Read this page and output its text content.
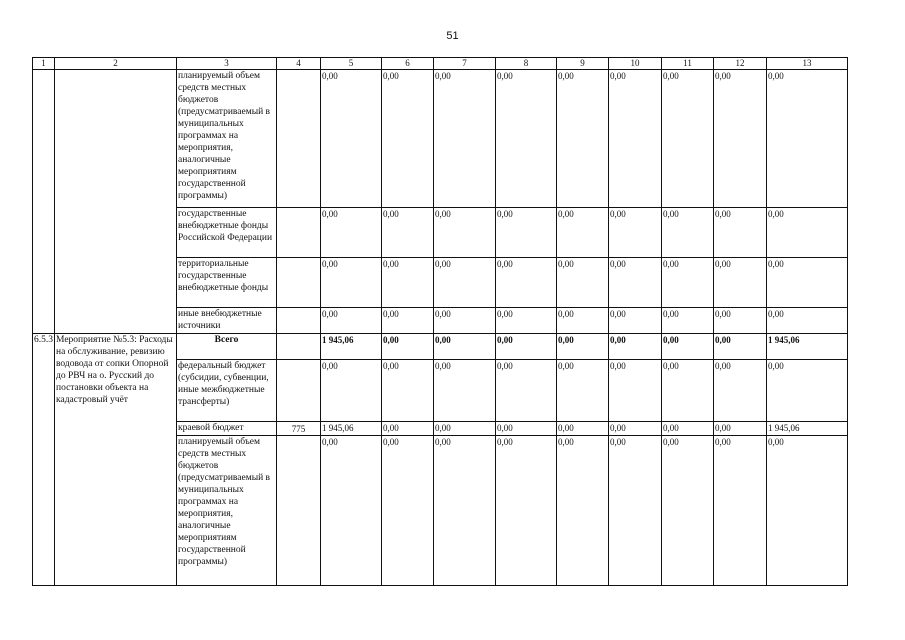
51
1	2	3	4	5	6	7	8	9	10	11	12	13
		планируемый объем средств местных бюджетов (предусматриваемый в муниципальных программах на мероприятия, аналогичные мероприятиям государственной программы)		0,00	0,00	0,00	0,00	0,00	0,00	0,00	0,00	0,00
		государственные внебюджетные фонды Российской Федерации		0,00	0,00	0,00	0,00	0,00	0,00	0,00	0,00	0,00
		территориальные государственные внебюджетные фонды		0,00	0,00	0,00	0,00	0,00	0,00	0,00	0,00	0,00
		иные внебюджетные источники		0,00	0,00	0,00	0,00	0,00	0,00	0,00	0,00	0,00
6.5.3	Мероприятие №5.3: Расходы на обслуживание, ревизию водовода от сопки Опорной до РВЧ на о. Русский до постановки объекта на кадастровый учёт	Всего		1 945,06	0,00	0,00	0,00	0,00	0,00	0,00	0,00	1 945,06
		федеральный бюджет (субсидии, субвенции, иные межбюджетные трансферты)		0,00	0,00	0,00	0,00	0,00	0,00	0,00	0,00	0,00
		краевой бюджет	775	1 945,06	0,00	0,00	0,00	0,00	0,00	0,00	0,00	1 945,06
		планируемый объем средств местных бюджетов (предусматриваемый в муниципальных программах на мероприятия, аналогичные мероприятиям государственной программы)		0,00	0,00	0,00	0,00	0,00	0,00	0,00	0,00	0,00
